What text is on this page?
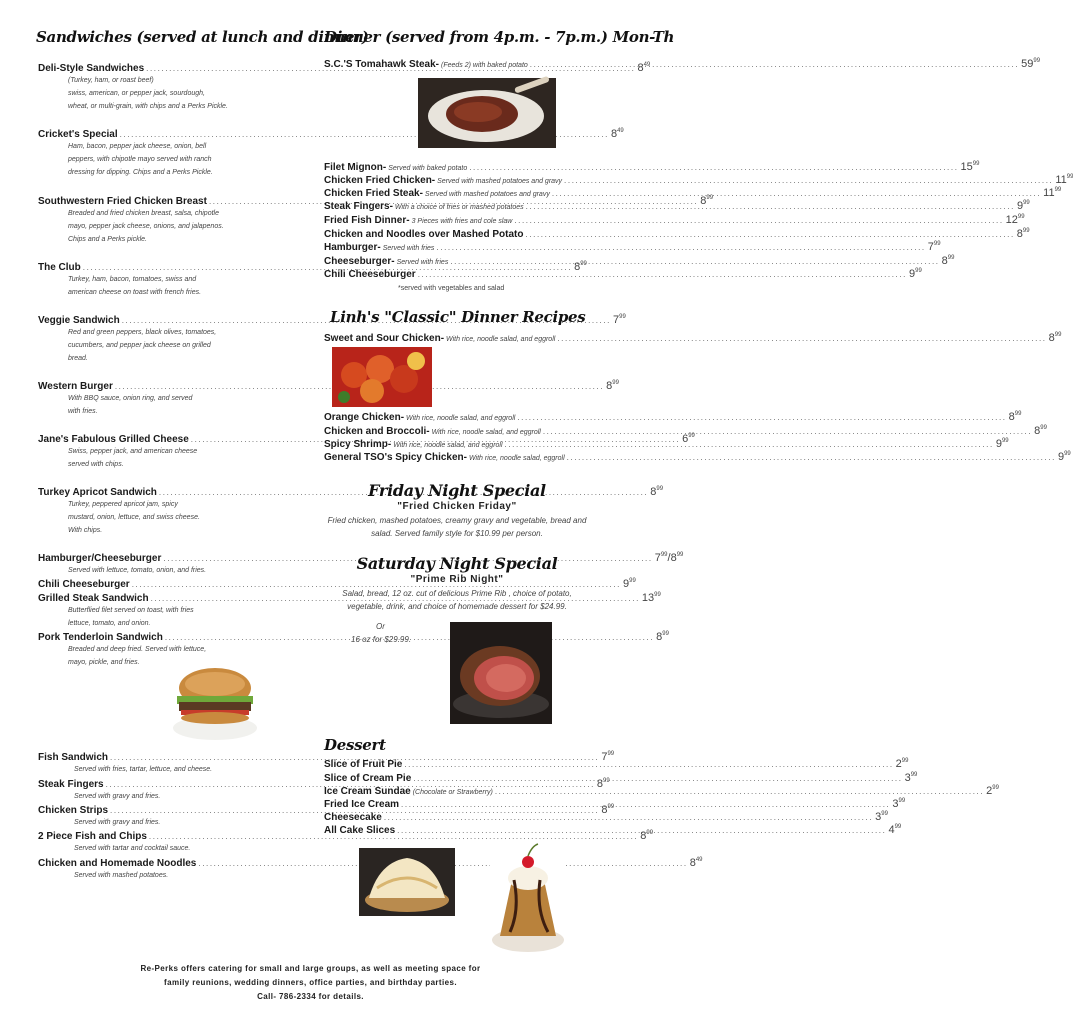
Sandwiches (served at lunch and dinner)
Deli-Style Sandwiches .....	$8^{49}$
(Turkey, ham, or roast beef)
swiss, american, or pepper jack, sourdough,
wheat, or multi-grain, with chips and a Perks Pickle.
Cricket's Special .....	$8^{49}$
Ham, bacon, pepper jack cheese, onion, bell
peppers, with chipotle mayo served with ranch
dressing for dipping. Chips and a Perks Pickle.
Southwestern Fried Chicken Breast .....	$8^{99}$
Breaded and fried chicken breast, salsa, chipotle
mayo, pepper jack cheese, onions, and jalapenos.
Chips and a Perks pickle.
The Club .....	$8^{99}$
Turkey, ham, bacon, tomatoes, swiss and
american cheese on toast with french fries.
Veggie Sandwich .....	$7^{99}$
Red and green peppers, black olives, tomatoes,
cucumbers, and pepper jack cheese on grilled
bread.
Western Burger .....	$8^{99}$
With BBQ sauce, onion ring, and served
with fries.
Jane's Fabulous Grilled Cheese .....	$6^{99}$
Swiss, pepper jack, and american cheese
served with chips.
Turkey Apricot Sandwich .....	$8^{99}$
Turkey, peppered apricot jam, spicy
mustard, onion, lettuce, and swiss cheese.
With chips.
Hamburger/Cheeseburger .....	$7^{99}/8^{99}$
Served with lettuce, tomato, onion, and fries.
Chili Cheeseburger .....	$9^{99}$
Grilled Steak Sandwich .....	$13^{99}$
Butterflied filet served on toast, with fries
lettuce, tomato, and onion.
Pork Tenderloin Sandwich .....	$8^{99}$
Breaded and deep fried. Served with lettuce,
mayo, pickle, and fries.
Fish Sandwich .....	$7^{99}$
Served with fries, tartar, lettuce, and cheese.
Steak Fingers .....	$8^{99}$
Served with gravy and fries.
Chicken Strips .....	$8^{99}$
Served with gravy and fries.
2 Piece Fish and Chips .....	$8^{99}$
Served with tartar and cocktail sauce.
Chicken and Homemade Noodles .....	$8^{49}$
Served with mashed potatoes.
Dinner (served from 4p.m. - 7p.m.) Mon-Th
S.C.'S Tomahawk Steak- (Feeds 2) with baked potato .....	$59^{99}$
Filet Mignon- Served with baked potato .....	$15^{99}$
Chicken Fried Chicken- Served with mashed potatoes and gravy .....	$11^{99}$
Chicken Fried Steak- Served with mashed potatoes and gravy .....	$11^{99}$
Steak Fingers- With a choice of fries or mashed potatoes .....	$9^{99}$
Fried Fish Dinner- 3 Pieces with fries and cole slaw .....	$12^{99}$
Chicken and Noodles over Mashed Potato .....	$8^{99}$
Hamburger- Served with fries .....	$7^{99}$
Cheeseburger- Served with fries .....	$8^{99}$
Chili Cheeseburger .....	$9^{99}$
*served with vegetables and salad
Linh's "Classic" Dinner Recipes
Sweet and Sour Chicken- With rice, noodle salad, and eggroll .....	$8^{99}$
Orange Chicken- With rice, noodle salad, and eggroll .....	$8^{99}$
Chicken and Broccoli- With rice, noodle salad, and eggroll .....	$8^{99}$
Spicy Shrimp- With rice, noodle salad, and eggroll .....	$9^{99}$
General TSO's Spicy Chicken- With rice, noodle salad, eggroll .....	$9^{99}$
Friday Night Special
"Fried Chicken Friday"
Fried chicken, mashed potatoes, creamy gravy and vegetable, bread and
salad. Served family style for $10.99 per person.
Saturday Night Special
"Prime Rib Night"
Salad, bread, 12 oz. cut of delicious Prime Rib , choice of potato,
vegetable, drink, and choice of homemade dessert for $24.99.
Or
16 oz for $29.99.
Dessert
Slice of Fruit Pie .....	$2^{99}$
Slice of Cream Pie .....	$3^{99}$
Ice Cream Sundae (Chocolate or Strawberry) .....	$2^{99}$
Fried Ice Cream .....	$3^{99}$
Cheesecake .....	$3^{99}$
All Cake Slices .....	$4^{99}$
Re-Perks offers catering for small and large groups, as well as meeting space for
family reunions, wedding dinners, office parties, and birthday parties.
Call- 786-2334 for details.
